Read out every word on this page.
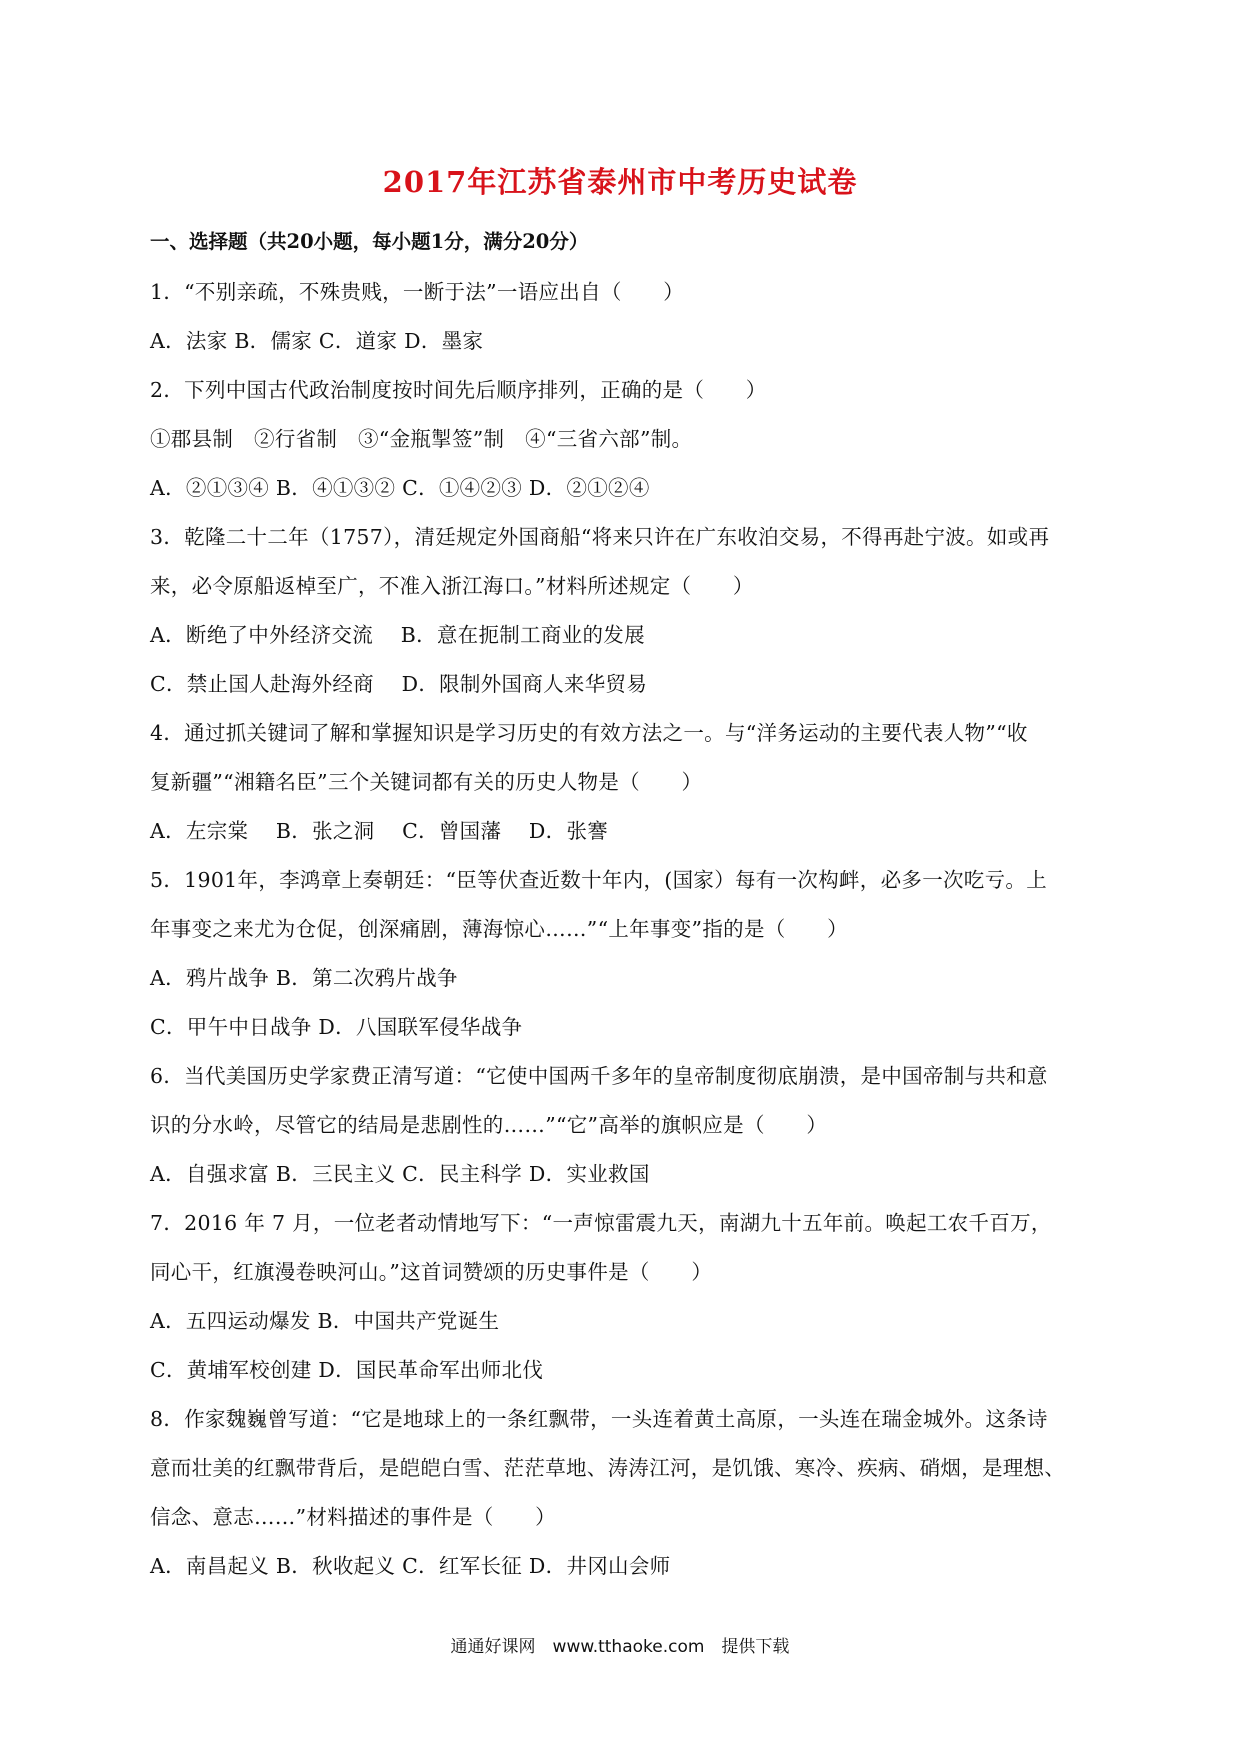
2017年江苏省泰州市中考历史试卷
一、选择题（共20小题，每小题1分，满分20分）
1．“不别亲疏，不殊贵贱，一断于法”一语应出自（　　）
A．法家 B．儒家 C．道家 D．墨家
2．下列中国古代政治制度按时间先后顺序排列，正确的是（　　）
①郡县制　②行省制　③“金瓶掣签”制　④“三省六部”制。
A．②①③④ B．④①③② C．①④②③ D．②①②④
3．乾隆二十二年（1757），清廷规定外国商船“将来只许在广东收泊交易，不得再赴宁波。如或再
来，必令原船返棹至广，不准入浙江海口。”材料所述规定（　　）
A．断绝了中外经济交流　 B．意在扼制工商业的发展
C．禁止国人赴海外经商　 D．限制外国商人来华贸易
4．通过抓关键词了解和掌握知识是学习历史的有效方法之一。与“洋务运动的主要代表人物”“收
复新疆”“湘籍名臣”三个关键词都有关的历史人物是（　　）
A．左宗棠　 B．张之洞　 C．曾国藩　 D．张謇
5．1901年，李鸿章上奏朝廷：“臣等伏查近数十年内，(国家）每有一次构衅，必多一次吃亏。上
年事变之来尤为仓促，创深痛剧，薄海惊心……”“上年事变”指的是（　　）
A．鸦片战争 B．第二次鸦片战争
C．甲午中日战争 D．八国联军侵华战争
6．当代美国历史学家费正清写道：“它使中国两千多年的皇帝制度彻底崩溃，是中国帝制与共和意
识的分水岭，尽管它的结局是悲剧性的……”“它”高举的旗帜应是（　　）
A．自强求富 B．三民主义 C．民主科学 D．实业救国
7．2016 年 7 月，一位老者动情地写下：“一声惊雷震九天，南湖九十五年前。唤起工农千百万，
同心干，红旗漫卷映河山。”这首词赞颂的历史事件是（　　）
A．五四运动爆发 B．中国共产党诞生
C．黄埔军校创建 D．国民革命军出师北伐
8．作家魏巍曾写道：“它是地球上的一条红飘带，一头连着黄土高原，一头连在瑞金城外。这条诗
意而壮美的红飘带背后，是皑皑白雪、茫茫草地、涛涛江河，是饥饿、寒冷、疾病、硝烟，是理想、
信念、意志……”材料描述的事件是（　　）
A．南昌起义 B．秋收起义 C．红军长征 D．井冈山会师
通通好课网　www.tthaoke.com　提供下载
